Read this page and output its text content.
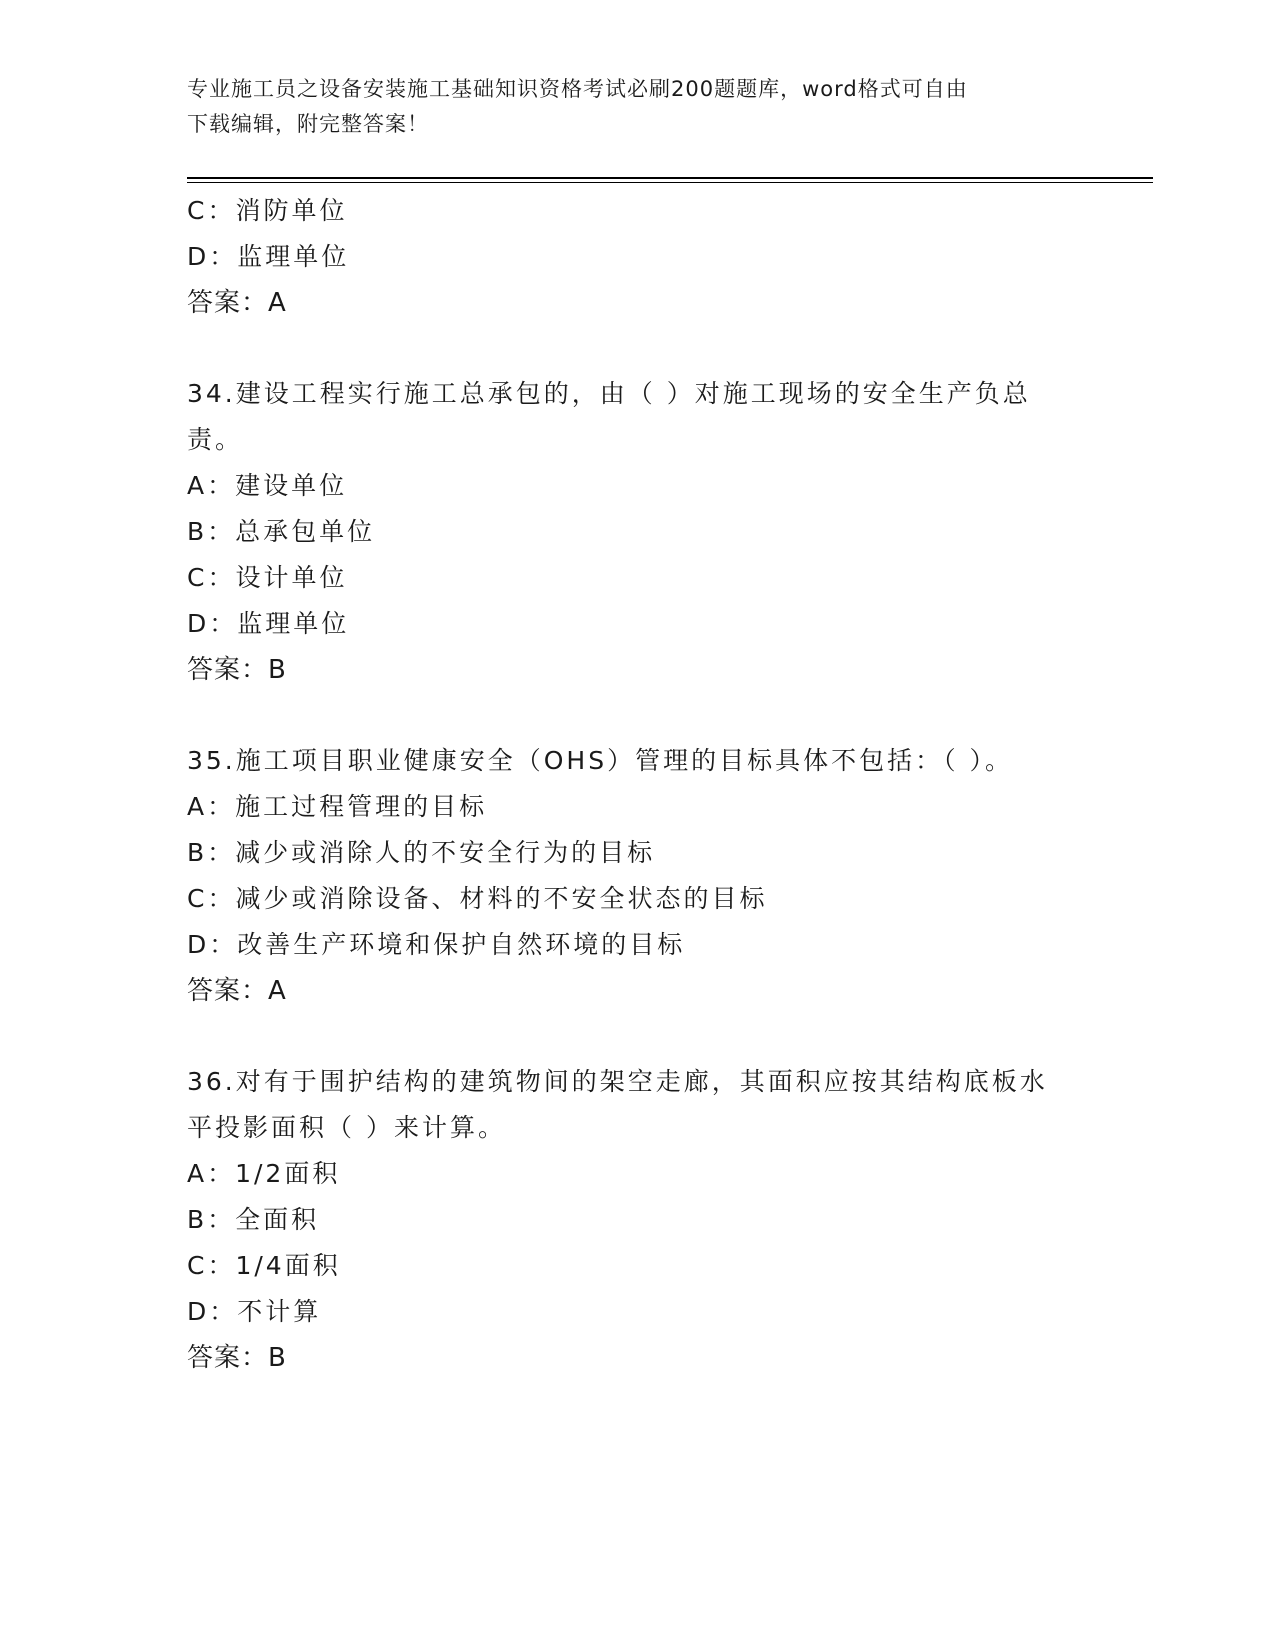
专业施工员之设备安装施工基础知识资格考试必刷200题题库，word格式可自由
下载编辑，附完整答案！
C：消防单位
D：监理单位
答案：A
34.建设工程实行施工总承包的，由（ ）对施工现场的安全生产负总
责。
A：建设单位
B：总承包单位
C：设计单位
D：监理单位
答案：B
35.施工项目职业健康安全（OHS）管理的目标具体不包括：（ ）。
A：施工过程管理的目标
B：减少或消除人的不安全行为的目标
C：减少或消除设备、材料的不安全状态的目标
D：改善生产环境和保护自然环境的目标
答案：A
36.对有于围护结构的建筑物间的架空走廊，其面积应按其结构底板水
平投影面积（ ）来计算。
A：1/2面积
B：全面积
C：1/4面积
D：不计算
答案：B
